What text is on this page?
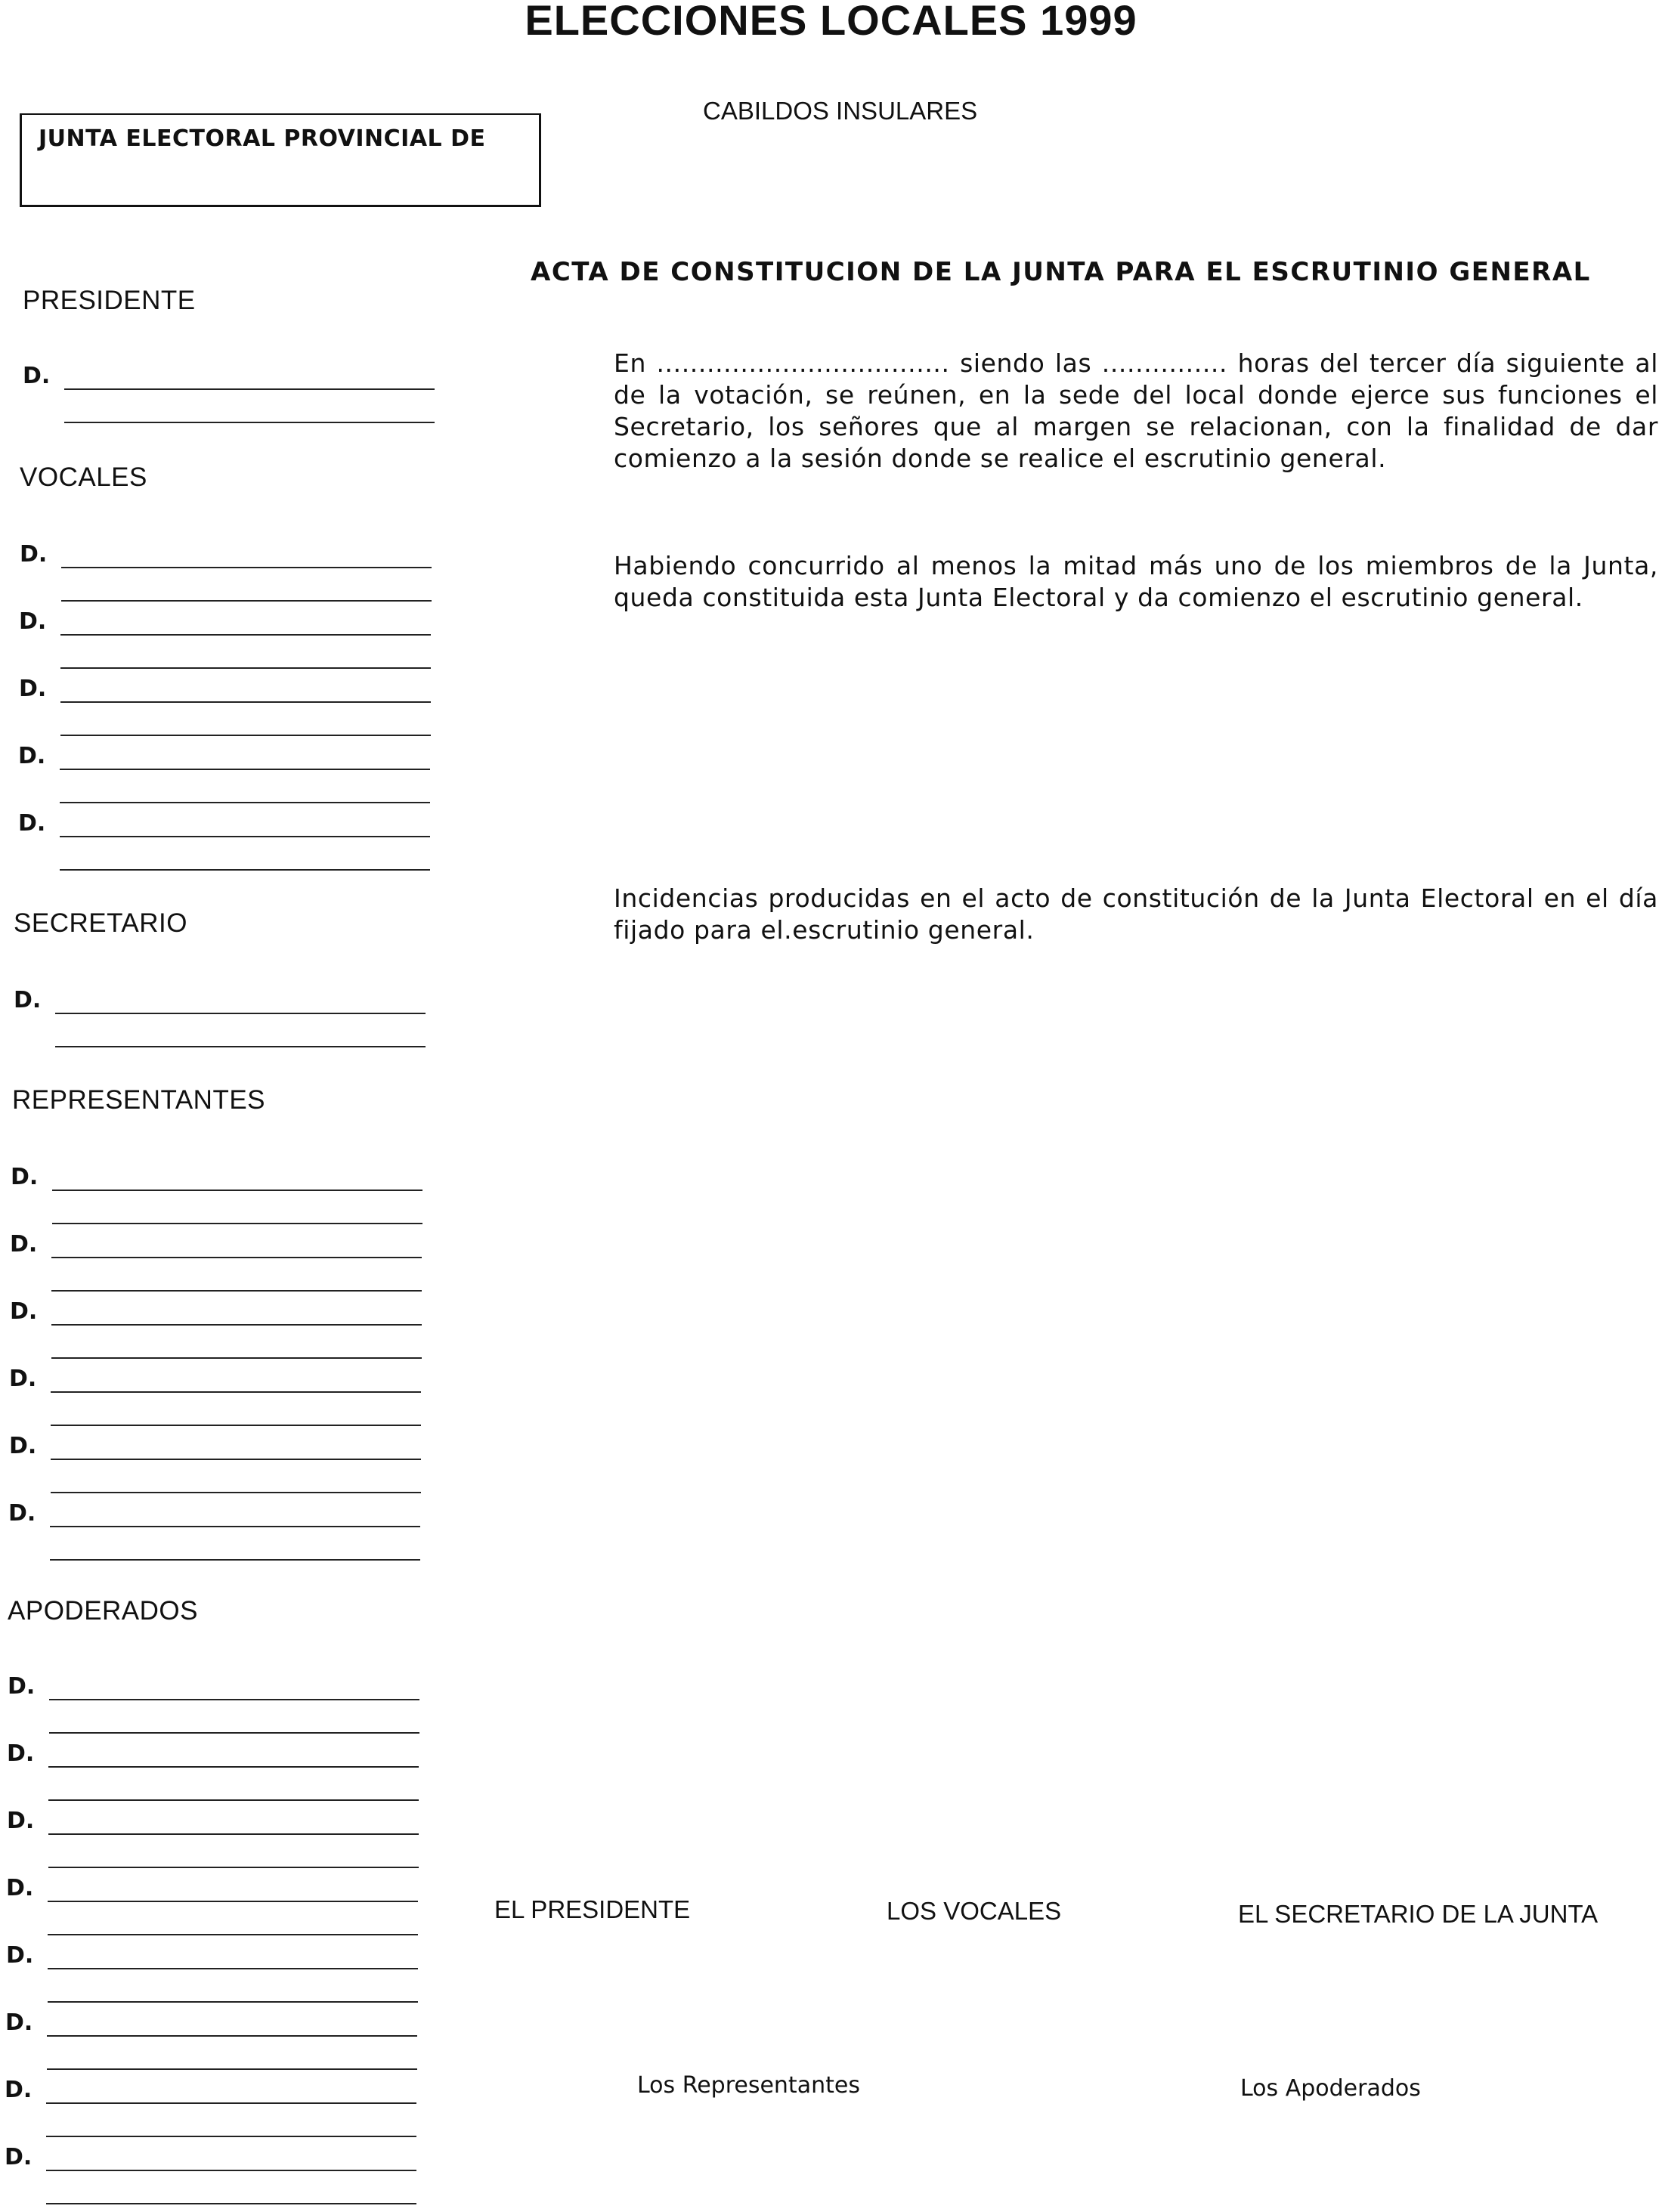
ELECCIONES LOCALES 1999
CABILDOS INSULARES
JUNTA ELECTORAL PROVINCIAL DE
ACTA DE CONSTITUCION DE LA JUNTA PARA EL ESCRUTINIO GENERAL
En ................................... siendo las ............... horas del tercer día siguiente al de la votación, se reúnen, en la sede del local donde ejerce sus funciones el Secretario, los señores que al margen se relacionan, con la finalidad de dar comienzo a la sesión donde se realice el escrutinio general.
Habiendo concurrido al menos la mitad más uno de los miembros de la Junta, queda constituida esta Junta Electoral y da comienzo el escrutinio general.
Incidencias producidas en el acto de constitución de la Junta Electoral en el día fijado para el.escrutinio general.
PRESIDENTE
VOCALES
SECRETARIO
REPRESENTANTES
APODERADOS
D.
D.
D.
D.
D.
D.
D.
D.
D.
D.
D.
D.
D.
D.
D.
D.
D.
D.
D.
D.
D.
EL PRESIDENTE	LOS VOCALES	EL SECRETARIO DE LA JUNTA
Los Representantes	Los Apoderados
